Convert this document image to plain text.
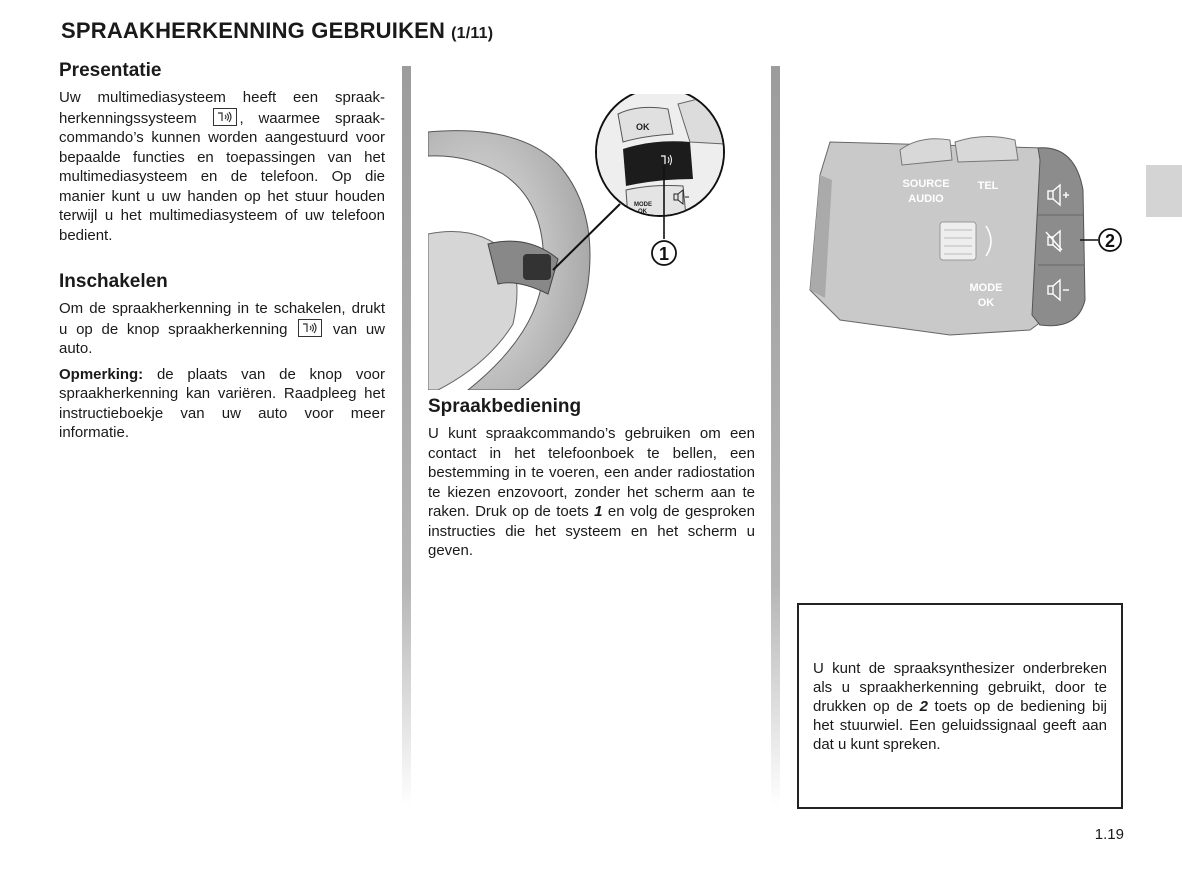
SPRAAKHERKENNING GEBRUIKEN (1/11)
Presentatie

Uw multimediasysteem heeft een spraakherkenningssysteem	, waarmee spraakcommando’s kunnen worden aangestuurd voor bepaalde functies en toepassingen van het multimediasysteem en de telefoon. Op die manier kunt u uw handen op het stuur houden terwijl u het multimediasysteem of uw telefoon bedient.

Inschakelen

Om de spraakherkenning in te schakelen, drukt u op de knop spraakherkenning
van uw auto.

Opmerking: de plaats van de knop voor spraakherkenning kan variëren. Raadpleeg het instructieboekje van uw auto voor meer informatie.

OK
MODE
OK
1
Spraakbediening

U kunt spraakcommando’s gebruiken om een contact in het telefoonboek te bellen, een bestemming in te voeren, een ander radiostation te kiezen enzovoort, zonder het scherm aan te raken. Druk op de toets 1 en volg de gesproken instructies die het systeem en het scherm u geven.

SOURCE
AUDIO
TEL
MODE
OK
2

U kunt de spraaksynthesizer onderbreken als u spraakherkenning gebruikt, door te drukken op de 2 toets op de bediening bij het stuurwiel. Een geluidssignaal geeft aan dat u kunt spreken.

1.19
